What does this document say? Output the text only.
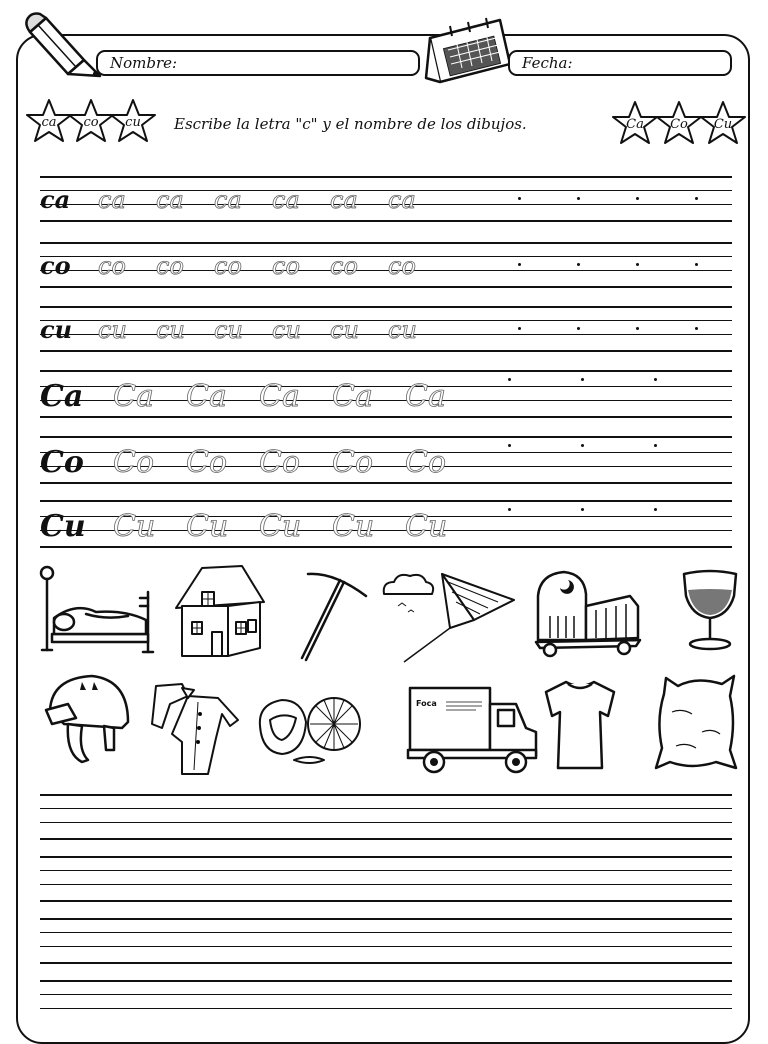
Nombre:	Fecha:
ca	co	cu	Escribe la letra "c" y el nombre de los dibujos.	Ca	Co	Cu
ca ca ca ca ca ca ca
co co co co co co co
cu cu cu cu cu cu cu
Ca Ca Ca Ca Ca Ca
Co Co Co Co Co Co
Cu Cu Cu Cu Cu Cu
Foca
